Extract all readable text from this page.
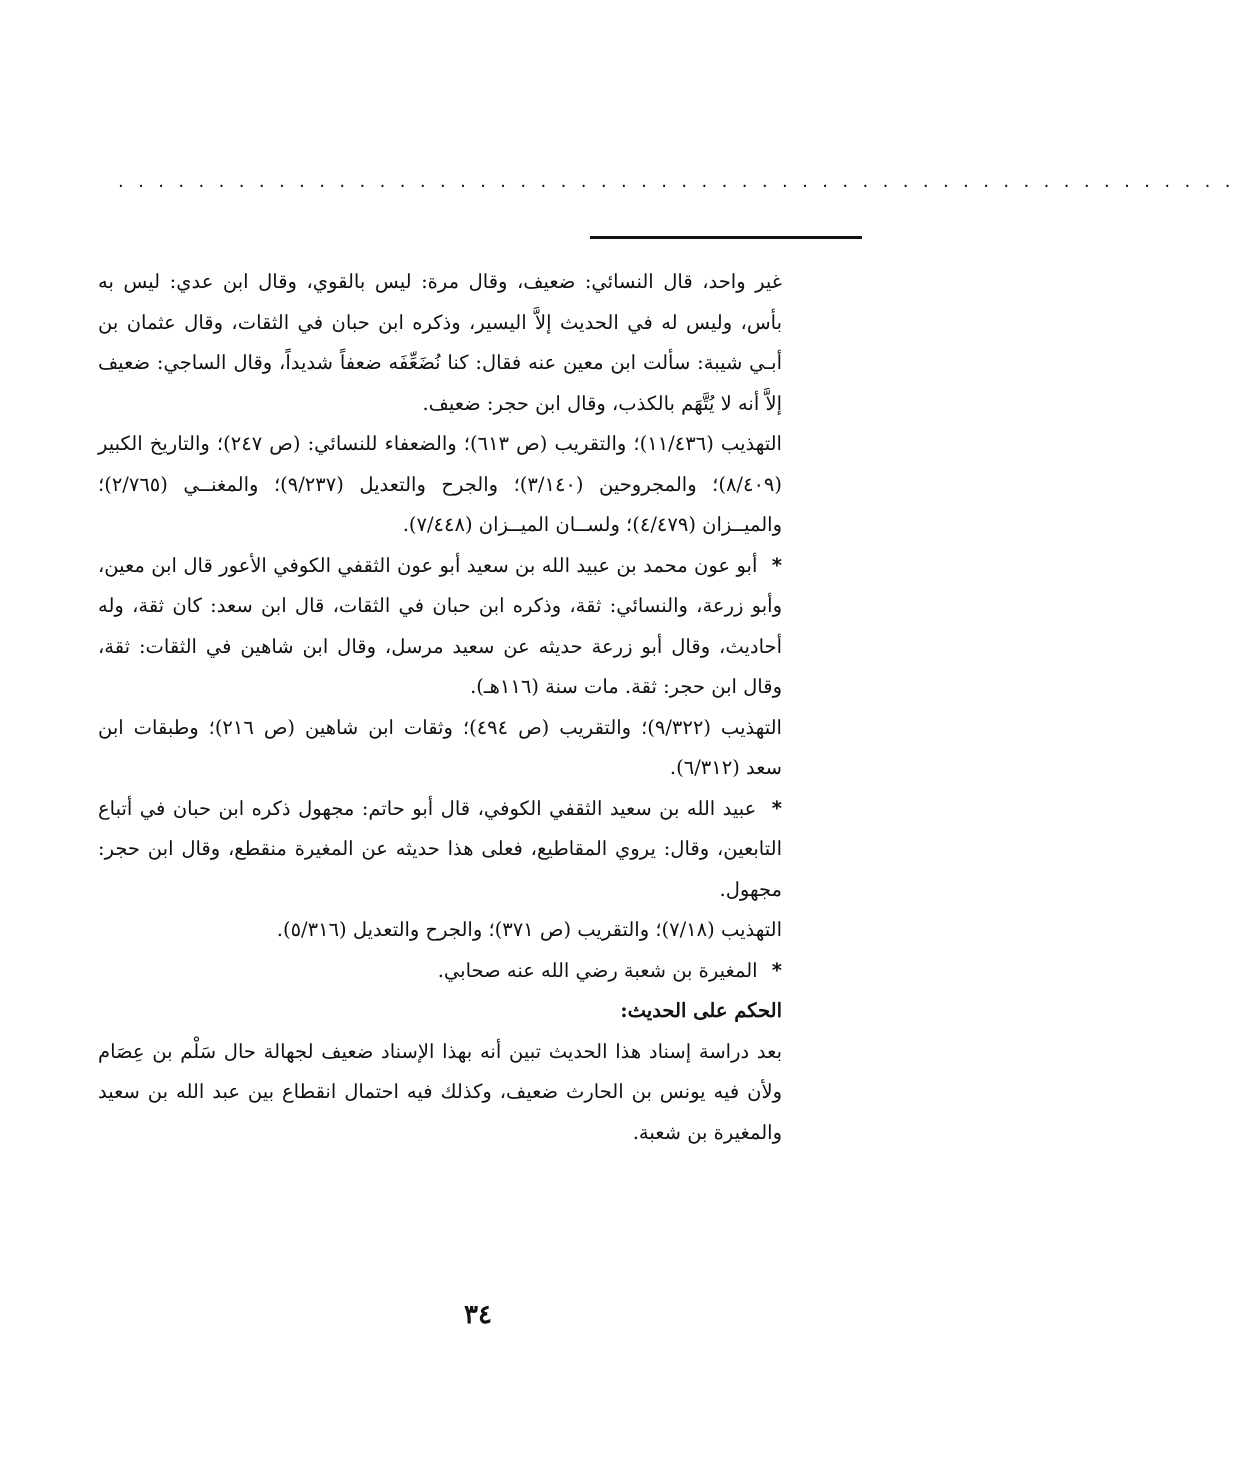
........................................................

غير واحد، قال النسائي: ضعيف، وقال مرة: ليس بالقوي، وقال ابن عدي: ليس به بأس، وليس له في الحديث إلاَّ اليسير، وذكره ابن حبان في الثقات، وقال عثمان بن أبـي شيبة: سألت ابن معين عنه فقال: كنا نُضَعِّفَه ضعفاً شديداً، وقال الساجي: ضعيف إلاَّ أنه لا يُتَّهَم بالكذب، وقال ابن حجر: ضعيف.

التهذيب (١١/٤٣٦)؛ والتقريب (ص ٦١٣)؛ والضعفاء للنسائي: (ص ٢٤٧)؛ والتاريخ الكبير (٨/٤٠٩)؛ والمجروحين (٣/١٤٠)؛ والجرح والتعديل (٩/٢٣٧)؛ والمغنــي (٢/٧٦٥)؛ والميــزان (٤/٤٧٩)؛ ولســان الميــزان (٧/٤٤٨).

* أبو عون محمد بن عبيد الله بن سعيد أبو عون الثقفي الكوفي الأعور قال ابن معين، وأبو زرعة، والنسائي: ثقة، وذكره ابن حبان في الثقات، قال ابن سعد: كان ثقة، وله أحاديث، وقال أبو زرعة حديثه عن سعيد مرسل، وقال ابن شاهين في الثقات: ثقة، وقال ابن حجر: ثقة. مات سنة (١١٦هـ).

التهذيب (٩/٣٢٢)؛ والتقريب (ص ٤٩٤)؛ وثقات ابن شاهين (ص ٢١٦)؛ وطبقات ابن سعد (٦/٣١٢).

* عبيد الله بن سعيد الثقفي الكوفي، قال أبو حاتم: مجهول ذكره ابن حبان في أتباع التابعين، وقال: يروي المقاطيع، فعلى هذا حديثه عن المغيرة منقطع، وقال ابن حجر: مجهول.

التهذيب (٧/١٨)؛ والتقريب (ص ٣٧١)؛ والجرح والتعديل (٥/٣١٦).

* المغيرة بن شعبة رضي الله عنه صحابي.

الحكم على الحديث:

بعد دراسة إسناد هذا الحديث تبين أنه بهذا الإسناد ضعيف لجهالة حال سَلْم بن عِصَام ولأن فيه يونس بن الحارث ضعيف، وكذلك فيه احتمال انقطاع بين عبد الله بن سعيد والمغيرة بن شعبة.

٣٤
